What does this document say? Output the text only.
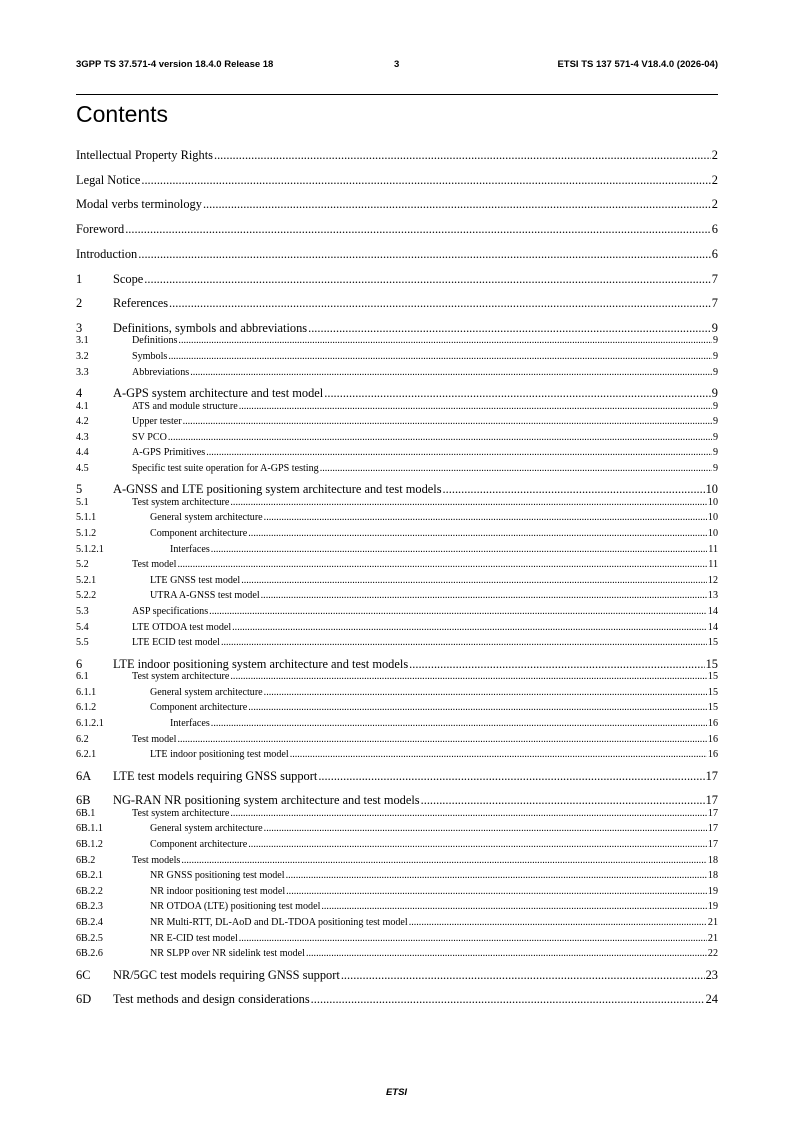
3GPP TS 37.571-4 version 18.4.0 Release 18	3	ETSI TS 137 571-4 V18.4.0 (2026-04)
Contents
Intellectual Property Rights .....	2
Legal Notice .....	2
Modal verbs terminology .....	2
Foreword .....	6
Introduction .....	6
1	Scope .....	7
2	References .....	7
3	Definitions, symbols and abbreviations .....	9
3.1	Definitions .....	9
3.2	Symbols .....	9
3.3	Abbreviations .....	9
4	A-GPS system architecture and test model .....	9
4.1	ATS and module structure .....	9
4.2	Upper tester .....	9
4.3	SV PCO .....	9
4.4	A-GPS Primitives .....	9
4.5	Specific test suite operation for A-GPS testing .....	9
5	A-GNSS and LTE positioning system architecture and test models .....	10
5.1	Test system architecture .....	10
5.1.1	General system architecture .....	10
5.1.2	Component architecture .....	10
5.1.2.1	Interfaces .....	11
5.2	Test model .....	11
5.2.1	LTE GNSS test model .....	12
5.2.2	UTRA A-GNSS test model .....	13
5.3	ASP specifications .....	14
5.4	LTE OTDOA test model .....	14
5.5	LTE ECID test model .....	15
6	LTE indoor positioning system architecture and test models .....	15
6.1	Test system architecture .....	15
6.1.1	General system architecture .....	15
6.1.2	Component architecture .....	15
6.1.2.1	Interfaces .....	16
6.2	Test model .....	16
6.2.1	LTE indoor positioning test model .....	16
6A	LTE test models requiring GNSS support .....	17
6B	NG-RAN NR positioning system architecture and test models .....	17
6B.1	Test system architecture .....	17
6B.1.1	General system architecture .....	17
6B.1.2	Component architecture .....	17
6B.2	Test models .....	18
6B.2.1	NR GNSS positioning test model .....	18
6B.2.2	NR indoor positioning test model .....	19
6B.2.3	NR OTDOA (LTE) positioning test model .....	19
6B.2.4	NR Multi-RTT, DL-AoD and DL-TDOA positioning test model .....	21
6B.2.5	NR E-CID test model .....	21
6B.2.6	NR SLPP over NR sidelink test model .....	22
6C	NR/5GC test models requiring GNSS support .....	23
6D	Test methods and design considerations .....	24
ETSI
